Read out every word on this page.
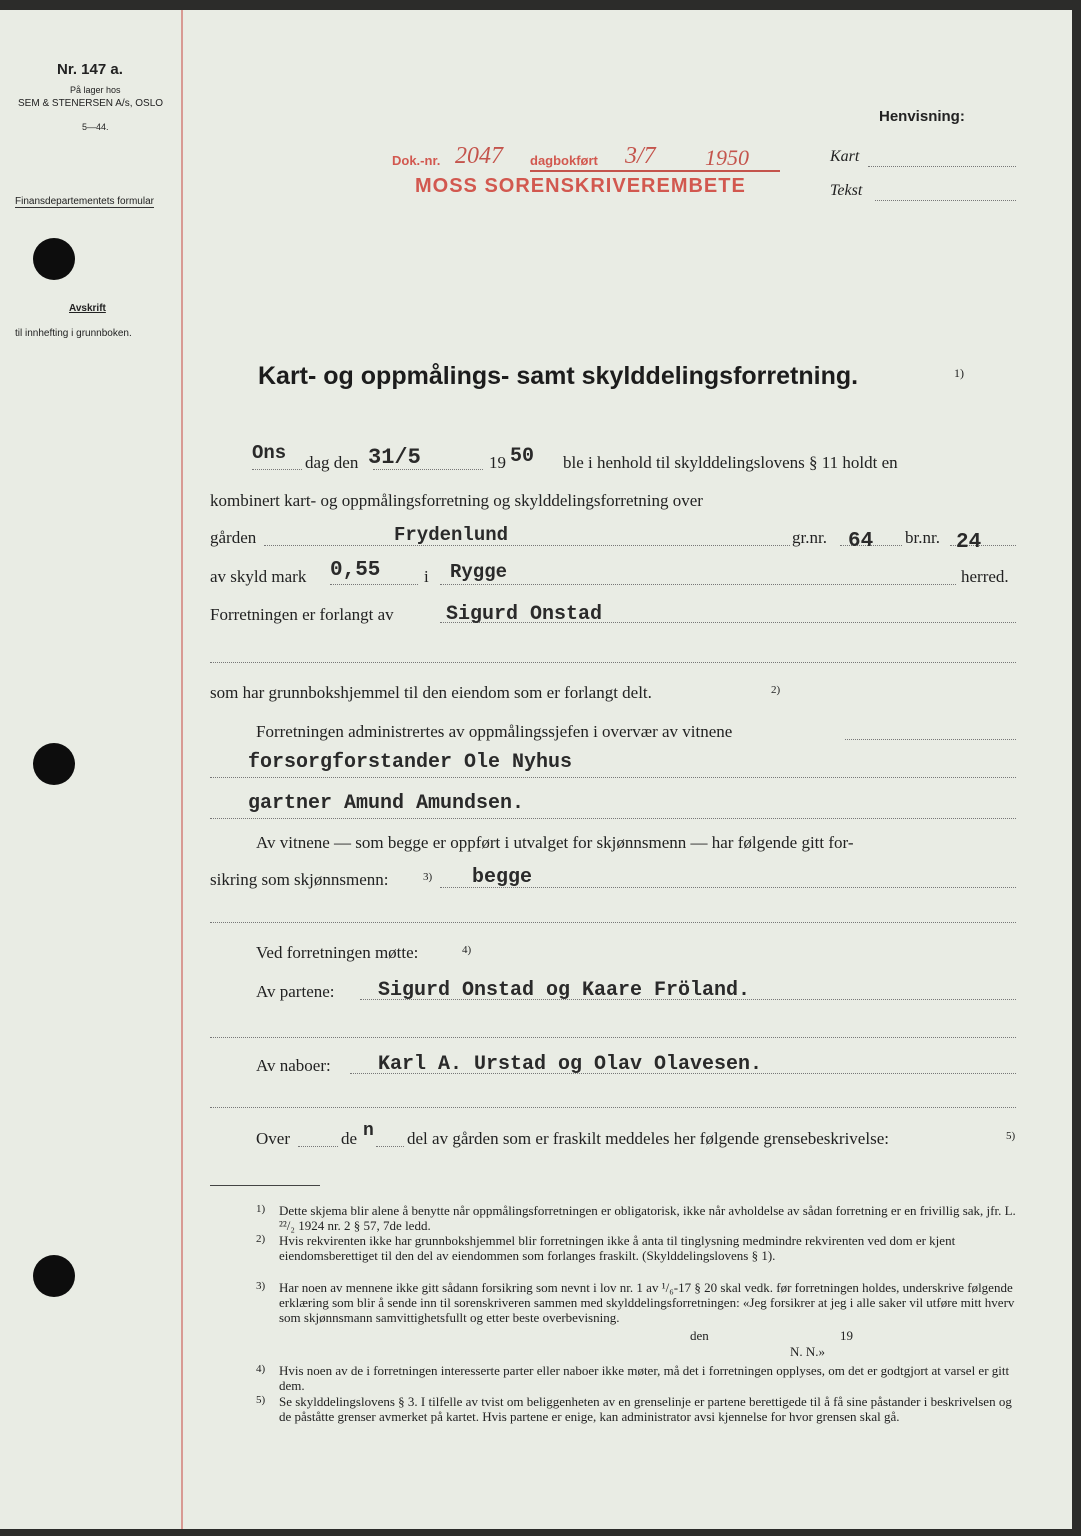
Nr. 147 a.
På lager hos
SEM & STENERSEN A/s, OSLO
5—44.
Finansdepartementets formular
Avskrift
til innhefting i grunnboken.
Dok.-nr. 2047 dagbokført 3/7 1950
MOSS SORENSKRIVEREMBETE
Henvisning:
Kart
Tekst
Kart- og oppmålings- samt skylddelingsforretning.	1)
Ons dag den 31/5	19 50 ble i henhold til skylddelingslovens § 11 holdt en
kombinert kart- og oppmålingsforretning og skylddelingsforretning over
gården	Frydenlund	gr.nr. 64 br.nr. 24
av skyld mark 0,55	i Rygge	herred.
Forretningen er forlangt av	Sigurd Onstad
som har grunnbokshjemmel til den eiendom som er forlangt delt.	2)
Forretningen administrertes av oppmålingssjefen i overvær av vitnene
forsorgforstander Ole Nyhus
gartner Amund Amundsen.
Av vitnene — som begge er oppført i utvalget for skjønnsmenn — har følgende gitt for-
sikring som skjønnsmenn:	3) begge
Ved forretningen møtte:	4)
Av partene: Sigurd Onstad og Kaare Fröland.
Av naboer: Karl A. Urstad og Olav Olavesen.
Over	de n del av gården som er fraskilt meddeles her følgende grensebeskrivelse:	5)
1) Dette skjema blir alene å benytte når oppmålingsforretningen er obligatorisk, ikke når avholdelse av sådan forretning er en frivillig sak, jfr. L. ²²/₂ 1924 nr. 2 § 57, 7de ledd.
2) Hvis rekvirenten ikke har grunnbokshjemmel blir forretningen ikke å anta til tinglysning medmindre rekvirenten ved dom er kjent eiendomsberettiget til den del av eiendommen som forlanges fraskilt. (Skylddelingslovens § 1).
3) Har noen av mennene ikke gitt sådann forsikring som nevnt i lov nr. 1 av ¹/₆-17 § 20 skal vedk. før forretningen holdes, underskrive følgende erklæring som blir å sende inn til sorenskriveren sammen med skylddelingsforretningen: «Jeg forsikrer at jeg i alle saker vil utføre mitt hverv som skjønnsmann samvittighetsfullt og etter beste overbevisning.
den	19
N. N.»
4) Hvis noen av de i forretningen interesserte parter eller naboer ikke møter, må det i forretningen opplyses, om det er godtgjort at varsel er gitt dem.
5) Se skylddelingslovens § 3. I tilfelle av tvist om beliggenheten av en grenselinje er partene berettigede til å få sine påstander i beskrivelsen og de påståtte grenser avmerket på kartet. Hvis partene er enige, kan administrator avsi kjennelse for hvor grensen skal gå.
